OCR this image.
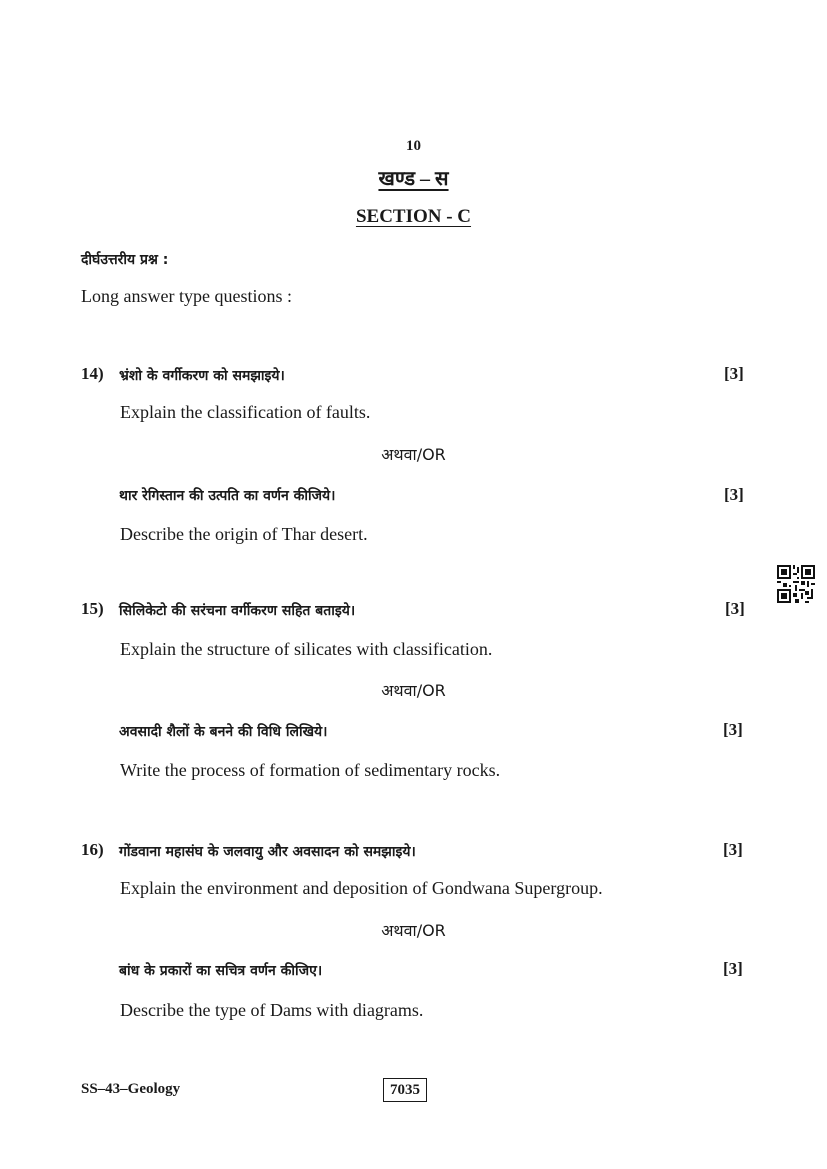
10
खण्ड – स
SECTION - C
दीर्घउत्तरीय प्रश्न :
Long answer type questions :
14) भ्रंशो के वर्गीकरण को समझाइये।	[3]
Explain the classification of faults.
अथवा/OR
थार रेगिस्तान की उत्पति का वर्णन कीजिये।	[3]
Describe the origin of Thar desert.
15) सिलिकेटो की सरंचना वर्गीकरण सहित बताइये।	[3]
Explain the structure of silicates with classification.
अथवा/OR
अवसादी शैलों के बनने की विधि लिखिये।	[3]
Write the process of formation of sedimentary rocks.
16) गोंडवाना महासंघ के जलवायु और अवसादन को समझाइये।	[3]
Explain the environment and deposition of Gondwana Supergroup.
अथवा/OR
बांध के प्रकारों का सचित्र वर्णन कीजिए।	[3]
Describe the type of Dams with diagrams.
SS–43–Geology	7035
